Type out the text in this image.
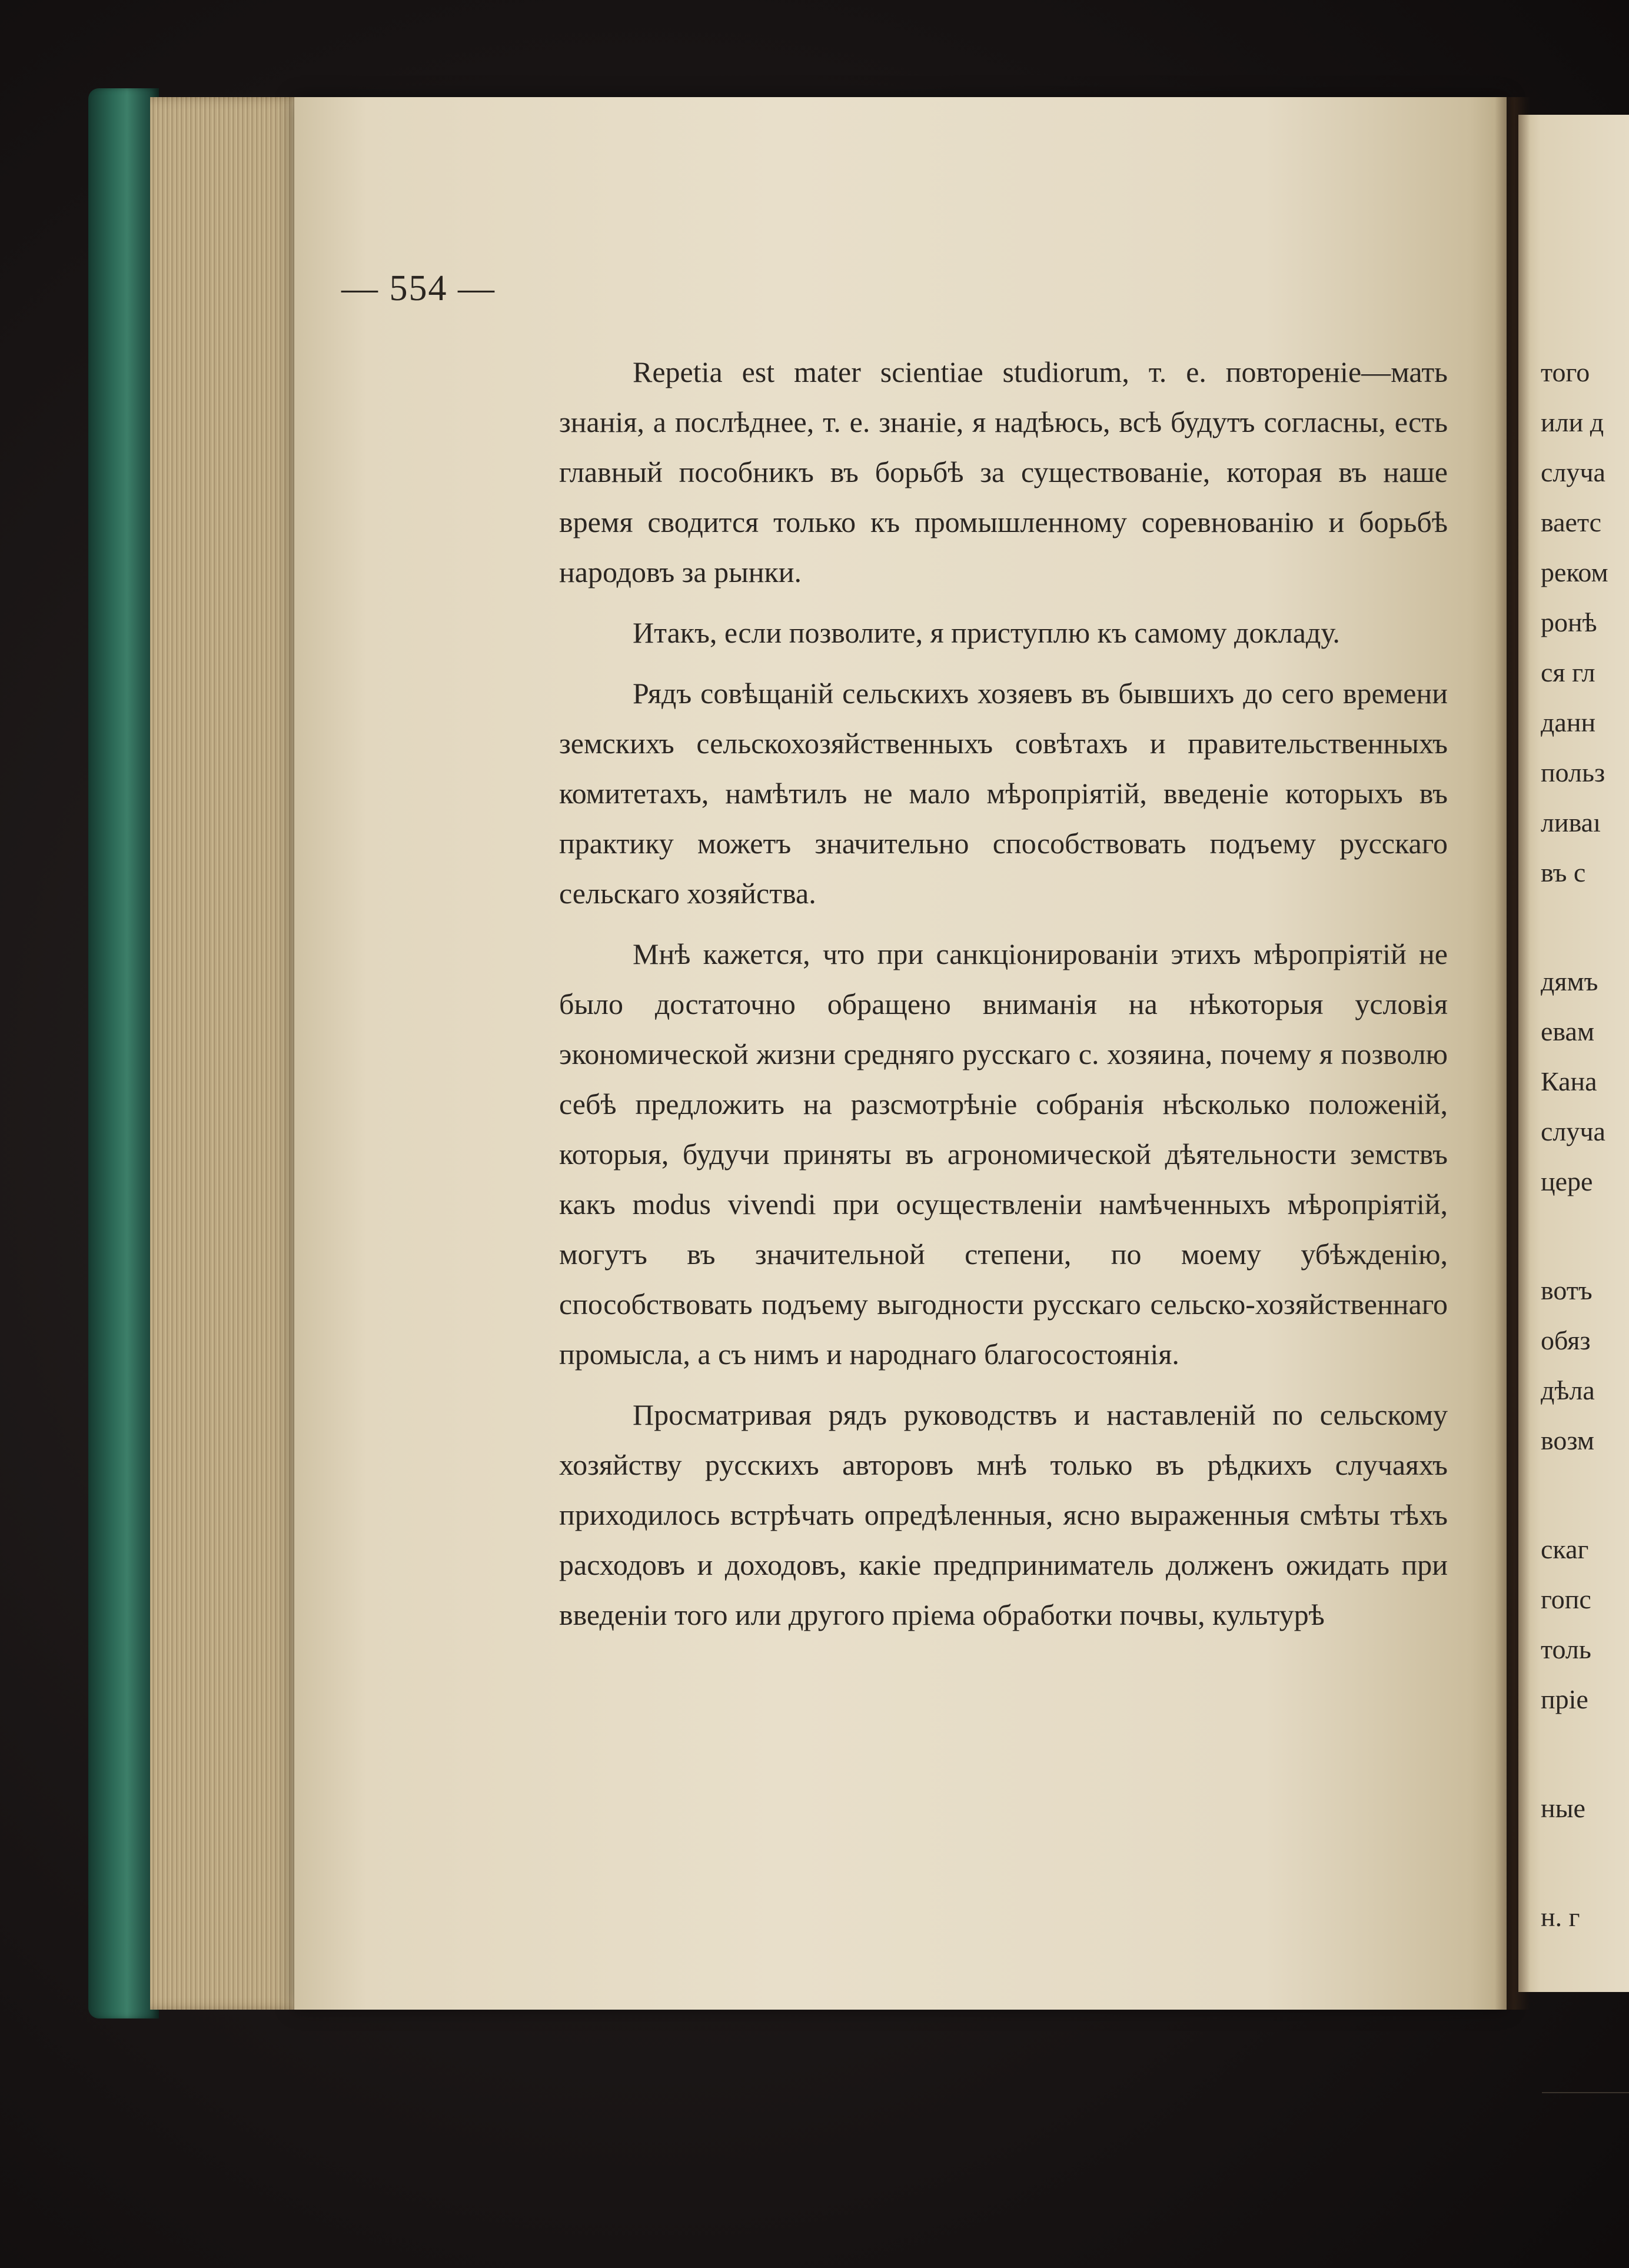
— 554 —

Repetia est mater scientiae studiorum, т. е. повтореніе—мать знанія, а послѣднее, т. е. знаніе, я надѣюсь, всѣ будутъ согласны, есть главный пособникъ въ борьбѣ за существованіе, которая въ наше время сводится только къ промышленному соревнованію и борьбѣ народовъ за рынки.

Итакъ, если позволите, я приступлю къ самому докладу.

Рядъ совѣщаній сельскихъ хозяевъ въ бывшихъ до сего времени земскихъ сельскохозяйственныхъ совѣтахъ и правительственныхъ комитетахъ, намѣтилъ не мало мѣропріятій, введеніе которыхъ въ практику можетъ значительно способствовать подъему русскаго сельскаго хозяйства.

Мнѣ кажется, что при санкціонированіи этихъ мѣропріятій не было достаточно обращено вниманія на нѣкоторыя условія экономической жизни средняго русскаго с. хозяина, почему я позволю себѣ предложить на разсмотрѣніе собранія нѣсколько положеній, которыя, будучи приняты въ агрономической дѣятельности земствъ какъ modus vivendi при осуществленіи намѣченныхъ мѣропріятій, могутъ въ значительной степени, по моему убѣжденію, способствовать подъему выгодности русскаго сельско-хозяйственнаго промысла, а съ нимъ и народнаго благосостоянія.

Просматривая рядъ руководствъ и наставленій по сельскому хозяйству русскихъ авторовъ мнѣ только въ рѣдкихъ случаяхъ приходилось встрѣчать опредѣленныя, ясно выраженныя смѣты тѣхъ расходовъ и доходовъ, какіе предприниматель долженъ ожидать при введеніи того или другого пріема обработки почвы, культурѣ

того
или д
случа
ваетс
реком
ронѣ
ся гл
данн
польз
ливаı
въ с
дямъ
евам
Кана
случа
цере
вотъ
обяз
дѣла
возм
скаг
гопс
толь
пріе
ные
н. г
